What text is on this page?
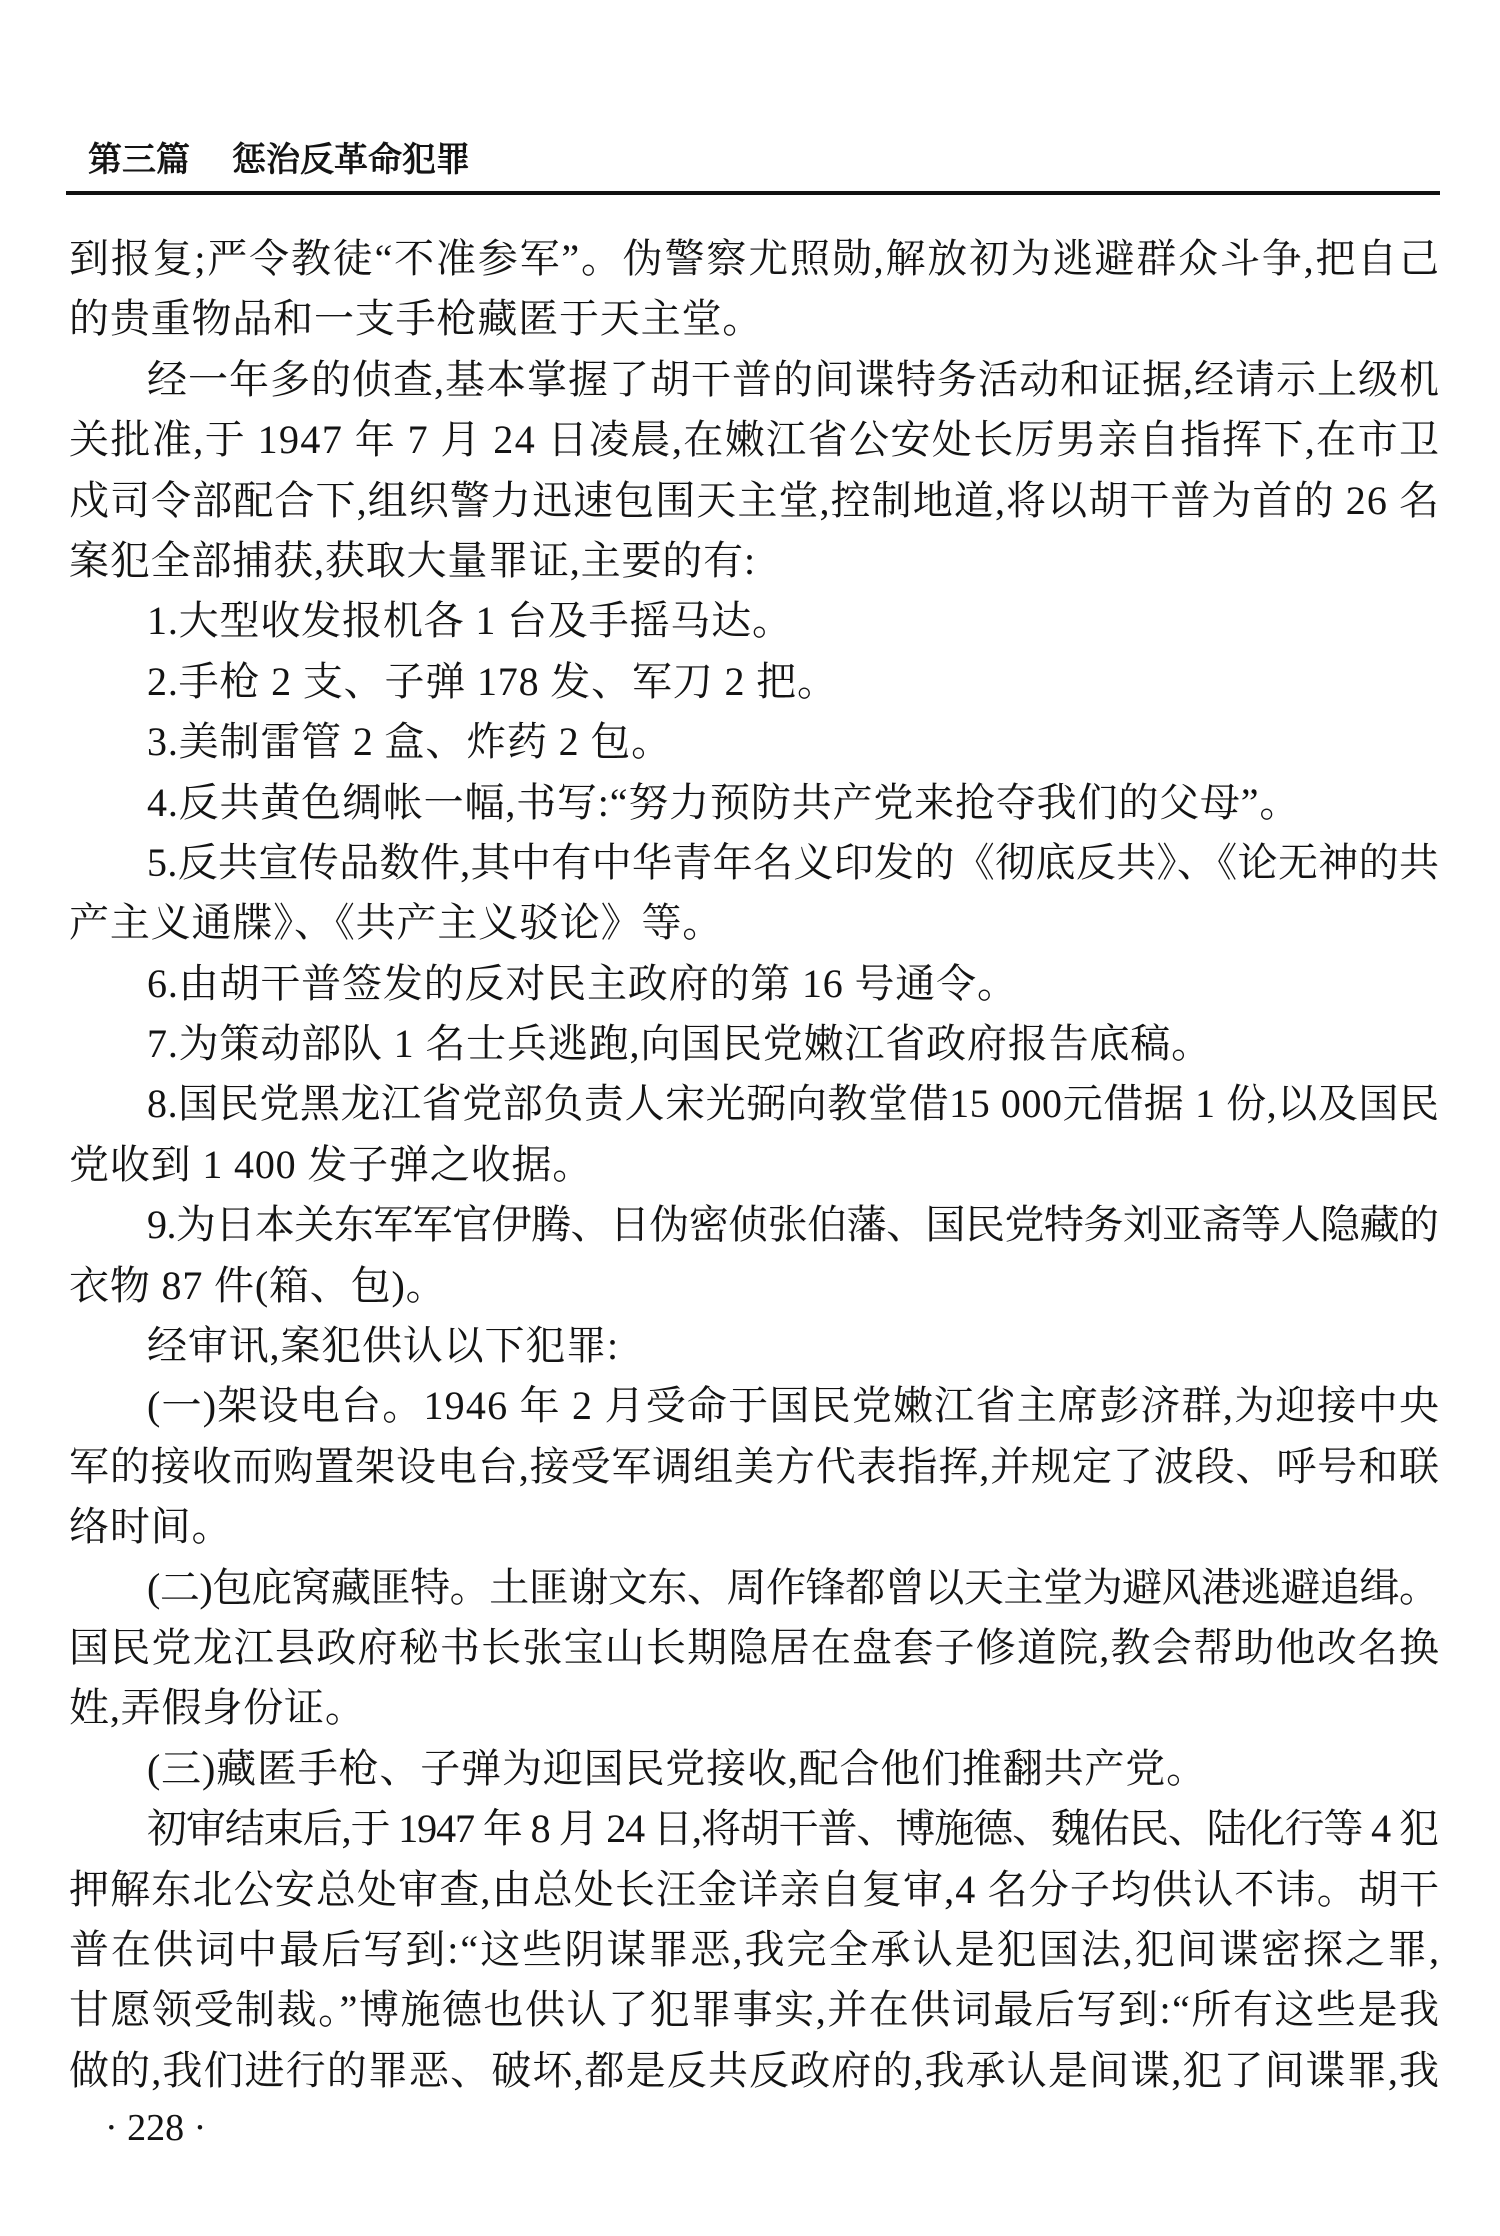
第三篇 惩治反革命犯罪
到报复;严令教徒“不准参军”。伪警察尤照勋,解放初为逃避群众斗争,把自己
的贵重物品和一支手枪藏匿于天主堂。
经一年多的侦查,基本掌握了胡干普的间谍特务活动和证据,经请示上级机
关批准,于 1947 年 7 月 24 日凌晨,在嫩江省公安处长厉男亲自指挥下,在市卫
戍司令部配合下,组织警力迅速包围天主堂,控制地道,将以胡干普为首的 26 名
案犯全部捕获,获取大量罪证,主要的有:
1.大型收发报机各 1 台及手摇马达。
2.手枪 2 支、子弹 178 发、军刀 2 把。
3.美制雷管 2 盒、炸药 2 包。
4.反共黄色绸帐一幅,书写:“努力预防共产党来抢夺我们的父母”。
5.反共宣传品数件,其中有中华青年名义印发的《彻底反共》、《论无神的共
产主义通牒》、《共产主义驳论》等。
6.由胡干普签发的反对民主政府的第 16 号通令。
7.为策动部队 1 名士兵逃跑,向国民党嫩江省政府报告底稿。
8.国民党黑龙江省党部负责人宋光弼向教堂借15 000元借据 1 份,以及国民
党收到 1 400 发子弹之收据。
9.为日本关东军军官伊腾、日伪密侦张伯藩、国民党特务刘亚斋等人隐藏的
衣物 87 件(箱、包)。
经审讯,案犯供认以下犯罪:
(一)架设电台。1946 年 2 月受命于国民党嫩江省主席彭济群,为迎接中央
军的接收而购置架设电台,接受军调组美方代表指挥,并规定了波段、呼号和联
络时间。
(二)包庇窝藏匪特。土匪谢文东、周作锋都曾以天主堂为避风港逃避追缉。
国民党龙江县政府秘书长张宝山长期隐居在盘套子修道院,教会帮助他改名换
姓,弄假身份证。
(三)藏匿手枪、子弹为迎国民党接收,配合他们推翻共产党。
初审结束后,于 1947 年 8 月 24 日,将胡干普、博施德、魏佑民、陆化行等 4 犯
押解东北公安总处审查,由总处长汪金详亲自复审,4 名分子均供认不讳。胡干
普在供词中最后写到:“这些阴谋罪恶,我完全承认是犯国法,犯间谍密探之罪,
甘愿领受制裁。”博施德也供认了犯罪事实,并在供词最后写到:“所有这些是我
做的,我们进行的罪恶、破坏,都是反共反政府的,我承认是间谍,犯了间谍罪,我
· 228 ·
